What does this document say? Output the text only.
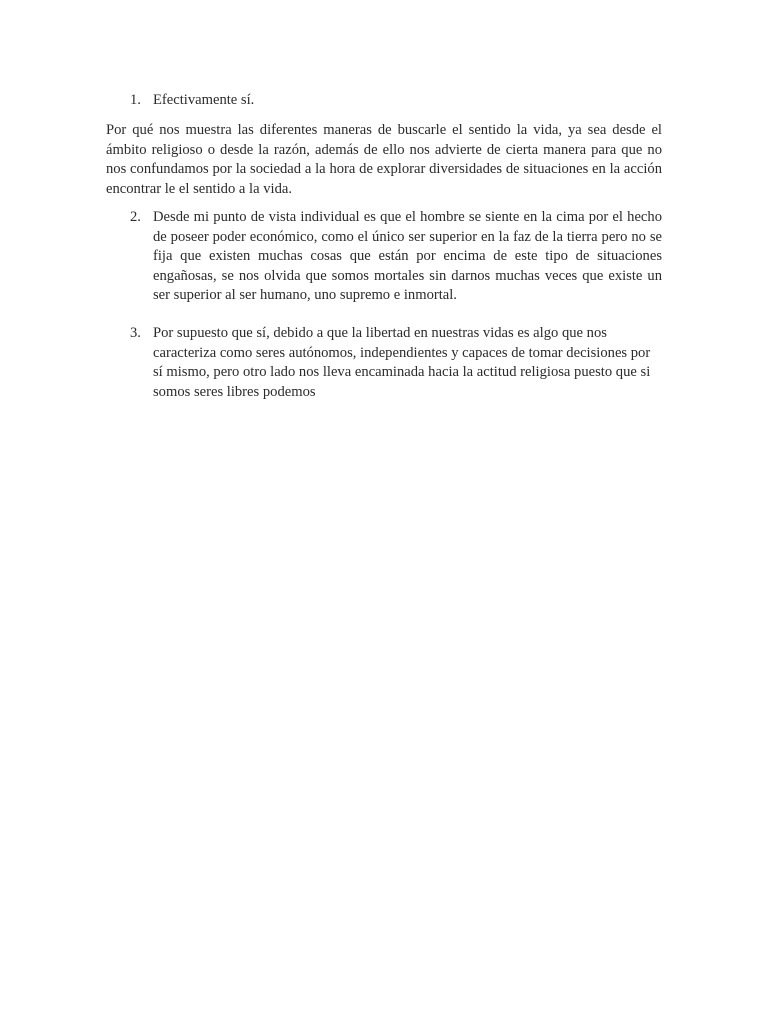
1. Efectivamente sí.

Por qué nos muestra las diferentes maneras de buscarle el sentido la vida, ya sea desde el ámbito religioso o desde la razón, además de ello nos advierte de cierta manera para que no nos confundamos por la sociedad a la hora de explorar diversidades de situaciones en la acción encontrar le el sentido a la vida.

2. Desde mi punto de vista individual es que el hombre se siente en la cima por el hecho de poseer poder económico, como el único ser superior en la faz de la tierra pero no se fija que existen muchas cosas que están por encima de este tipo de situaciones engañosas, se nos olvida que somos mortales sin darnos muchas veces que existe un ser superior al ser humano, uno supremo e inmortal.
3. Por supuesto que sí, debido a que la libertad en nuestras vidas es algo que nos caracteriza como seres autónomos, independientes y capaces de tomar decisiones por sí mismo, pero otro lado nos lleva encaminada hacia la actitud religiosa puesto que si somos seres libres podemos
